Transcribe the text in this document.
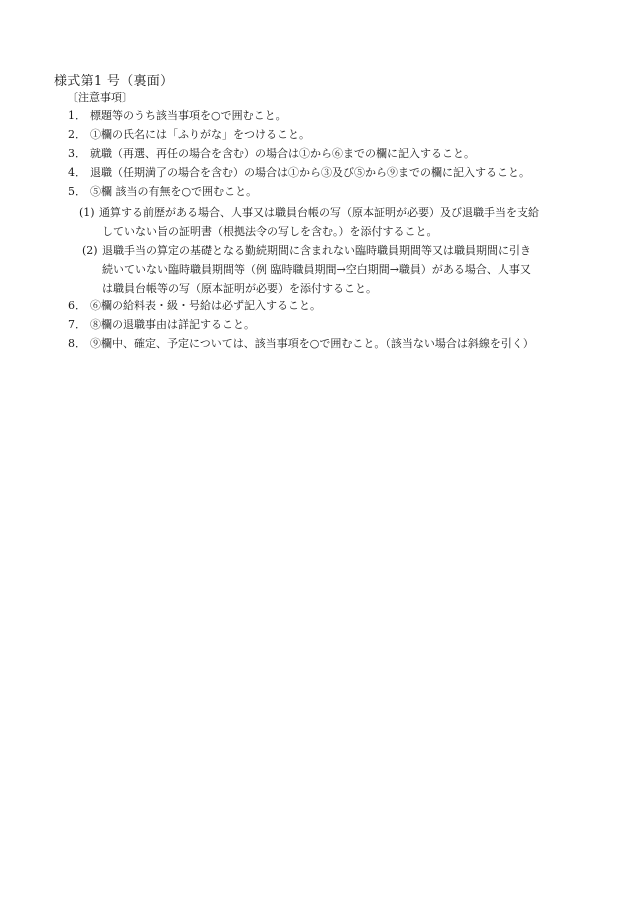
様式第1 号（裏面）
〔注意事項〕
1． 標題等のうち該当事項を○で囲むこと。
2． ①欄の氏名には「ふりがな」をつけること。
3． 就職（再選、再任の場合を含む）の場合は①から⑥までの欄に記入すること。
4． 退職（任期満了の場合を含む）の場合は①から③及び⑤から⑨までの欄に記入すること。
5． ⑤欄 該当の有無を○で囲むこと。
(1) 通算する前歴がある場合、人事又は職員台帳の写（原本証明が必要）及び退職手当を支給
していない旨の証明書（根拠法令の写しを含む。）を添付すること。
(2) 退職手当の算定の基礎となる勤続期間に含まれない臨時職員期間等又は職員期間に引き
続いていない臨時職員期間等（例 臨時職員期間→空白期間→職員）がある場合、人事又
は職員台帳等の写（原本証明が必要）を添付すること。
6． ⑥欄の給料表・級・号給は必ず記入すること。
7． ⑧欄の退職事由は詳記すること。
8． ⑨欄中、確定、予定については、該当事項を○で囲むこと。（該当ない場合は斜線を引く）
